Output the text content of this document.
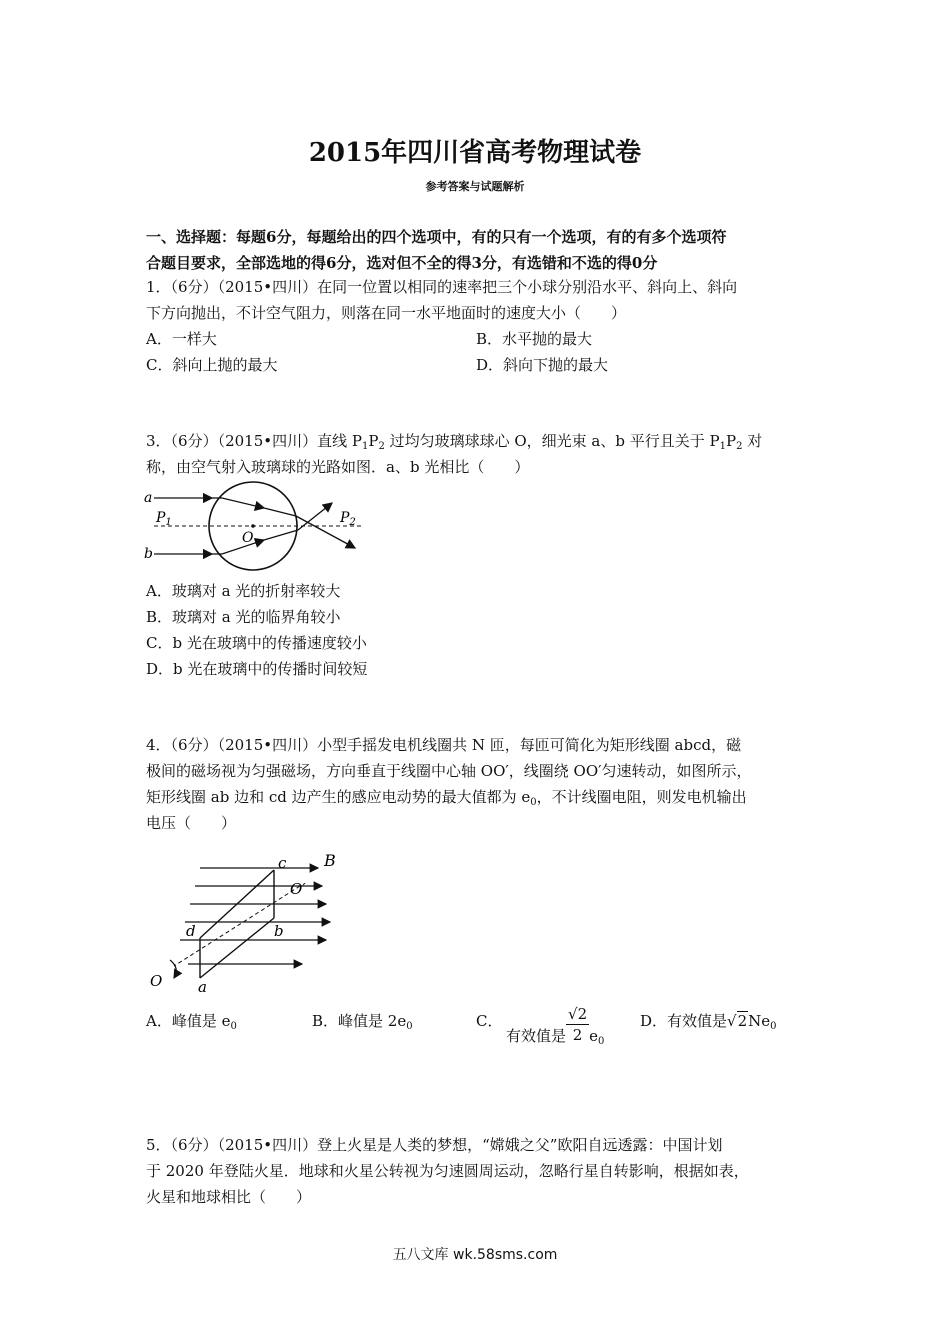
2015年四川省高考物理试卷
参考答案与试题解析
一、选择题：每题6分，每题给出的四个选项中，有的只有一个选项，有的有多个选项符
合题目要求，全部选地的得6分，选对但不全的得3分，有选错和不选的得0分
1．（6分）（2015•四川）在同一位置以相同的速率把三个小球分别沿水平、斜向上、斜向
下方向抛出，不计空气阻力，则落在同一水平地面时的速度大小（　　）
A．一样大	B．水平抛的最大
C．斜向上抛的最大	D．斜向下抛的最大
3．（6分）（2015•四川）直线 $P_1P_2$ 过均匀玻璃球球心 O，细光束 a、b 平行且关于 $P_1P_2$ 对
称，由空气射入玻璃球的光路如图．a、b 光相比（　　）
a
b
$P_1$	$P_2$
O
A．玻璃对 a 光的折射率较大
B．玻璃对 a 光的临界角较小
C．b 光在玻璃中的传播速度较小
D．b 光在玻璃中的传播时间较短
4．（6分）（2015•四川）小型手摇发电机线圈共 N 匝，每匝可简化为矩形线圈 abcd，磁
极间的磁场视为匀强磁场，方向垂直于线圈中心轴 OO′，线圈绕 OO′匀速转动，如图所示，
矩形线圈 ab 边和 cd 边产生的感应电动势的最大值都为 $e_0$，不计线圈电阻，则发电机输出
电压（　　）
c B
O′
d	b
O a
A．峰值是 $e_0$	B．峰值是 $2e_0$	C．
有效值是 $\frac{√2}{2} e_0$
D．有效值是$√2Ne_0$
5．（6分）（2015•四川）登上火星是人类的梦想，“嫦娥之父”欧阳自远透露：中国计划
于 2020 年登陆火星．地球和火星公转视为匀速圆周运动，忽略行星自转影响，根据如表，
火星和地球相比（　　）
五八文库 wk.58sms.com
